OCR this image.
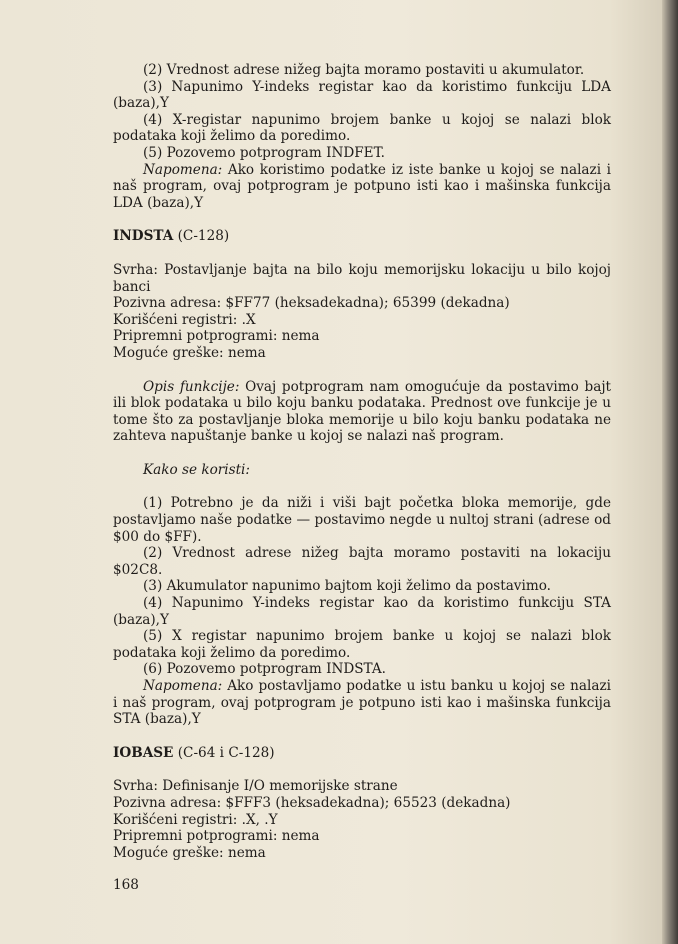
(2) Vrednost adrese nižeg bajta moramo postaviti u akumulator.

(3) Napunimo Y-indeks registar kao da koristimo funkciju LDA (baza),Y

(4) X-registar napunimo brojem banke u kojoj se nalazi blok podataka koji želimo da poredimo.

(5) Pozovemo potprogram INDFET.

Napomena: Ako koristimo podatke iz iste banke u kojoj se nalazi i naš program, ovaj potprogram je potpuno isti kao i mašinska funkcija LDA (baza),Y

INDSTA (C-128)

Svrha: Postavljanje bajta na bilo koju memorijsku lokaciju u bilo kojoj banci

Pozivna adresa: $FF77 (heksadekadna); 65399 (dekadna)

Korišćeni registri: .X

Pripremni potprogrami: nema

Moguće greške: nema

Opis funkcije: Ovaj potprogram nam omogućuje da postavimo bajt ili blok podataka u bilo koju banku podataka. Prednost ove funkcije je u tome što za postavljanje bloka memorije u bilo koju banku podataka ne zahteva napuštanje banke u kojoj se nalazi naš program.

Kako se koristi:

(1) Potrebno je da niži i viši bajt početka bloka memorije, gde postavljamo naše podatke — postavimo negde u nultoj strani (adrese od $00 do $FF).

(2) Vrednost adrese nižeg bajta moramo postaviti na lokaciju $02C8.

(3) Akumulator napunimo bajtom koji želimo da postavimo.

(4) Napunimo Y-indeks registar kao da koristimo funkciju STA (baza),Y

(5) X registar napunimo brojem banke u kojoj se nalazi blok podataka koji želimo da poredimo.

(6) Pozovemo potprogram INDSTA.

Napomena: Ako postavljamo podatke u istu banku u kojoj se nalazi i naš program, ovaj potprogram je potpuno isti kao i mašinska funkcija STA (baza),Y

IOBASE (C-64 i C-128)

Svrha: Definisanje I/O memorijske strane

Pozivna adresa: $FFF3 (heksadekadna); 65523 (dekadna)

Korišćeni registri: .X, .Y

Pripremni potprogrami: nema

Moguće greške: nema

168
